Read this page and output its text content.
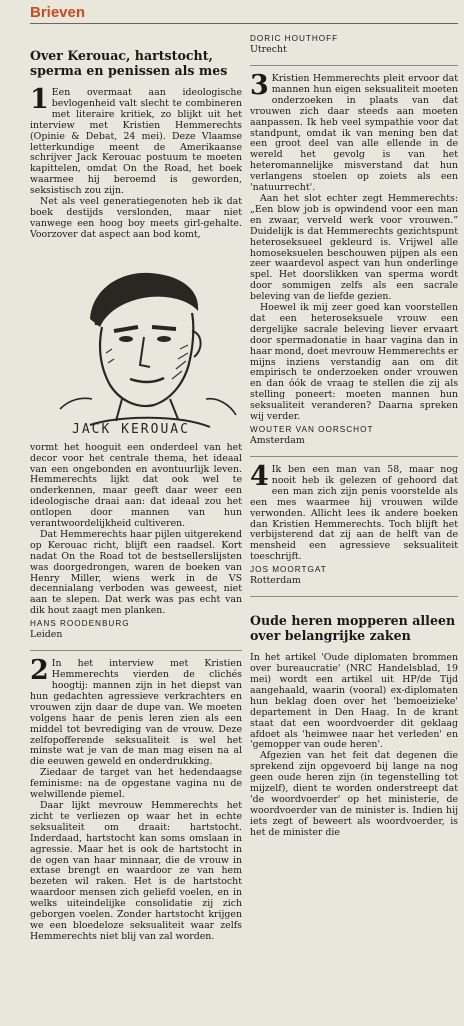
Brieven
Over Kerouac, hartstocht, sperma en penissen als mes

1 Een overmaat aan ideologische bevlogenheid valt slecht te combineren met literaire kritiek, zo blijkt uit het interview met Kristien Hemmerechts (Opinie & Debat, 24 mei). Deze Vlaamse letterkundige meent de Amerikaanse schrijver Jack Kerouac postuum te moeten kapittelen, omdat On the Road, het boek waarmee hij beroemd is geworden, seksistisch zou zijn.

Net als veel generatiegenoten heb ik dat boek destijds verslonden, maar niet vanwege een hoog boy meets girl-gehalte. Voorzover dat aspect aan bod komt,

JACK KEROUAC

vormt het hooguit een onderdeel van het decor voor het centrale thema, het ideaal van een ongebonden en avontuurlijk leven. Hemmerechts lijkt dat ook wel te onderkennen, maar geeft daar weer een ideologische draai aan: dat ideaal zou het ontlopen door mannen van hun verantwoordelijkheid cultiveren.

Dat Hemmerechts haar pijlen uitgerekend op Kerouac richt, blijft een raadsel. Kort nadat On the Road tot de bestsellerslijsten was doorgedrongen, waren de boeken van Henry Miller, wiens werk in de VS decennialang verboden was geweest, niet aan te slepen. Dat werk was pas echt van dik hout zaagt men planken.

HANS ROODENBURG
Leiden

2 In het interview met Kristien Hemmerechts vierden de clichés hoogtij: mannen zijn in het diepst van hun gedachten agressieve verkrachters en vrouwen zijn daar de dupe van. We moeten volgens haar de penis leren zien als een middel tot bevrediging van de vrouw. Deze zelfopofferende seksualiteit is wel het minste wat je van de man mag eisen na al die eeuwen geweld en onderdrukking.

Ziedaar de target van het hedendaagse feminisme: na de opgestane vagina nu de welwillende piemel.

Daar lijkt mevrouw Hemmerechts het zicht te verliezen op waar het in echte seksualiteit om draait: hartstocht. Inderdaad, hartstocht kan soms omslaan in agressie. Maar het is ook de hartstocht in de ogen van haar minnaar, die de vrouw in extase brengt en waardoor ze van hem bezeten wil raken. Het is de hartstocht waardoor mensen zich geliefd voelen, en in welks uiteindelijke consolidatie zij zich geborgen voelen. Zonder hartstocht krijgen we een bloedeloze seksualiteit waar zelfs Hemmerechts niet blij van zal worden.

DORIC HOUTHOFF
Utrecht

3 Kristien Hemmerechts pleit ervoor dat mannen hun eigen seksualiteit moeten onderzoeken in plaats van dat vrouwen zich daar steeds aan moeten aanpassen. Ik heb veel sympathie voor dat standpunt, omdat ik van mening ben dat een groot deel van alle ellende in de wereld het gevolg is van het heteromannelijke misverstand dat hun verlangens stoelen op zoiets als een 'natuurrecht'.

Aan het slot echter zegt Hemmerechts: „Een blow job is opwindend voor een man en zwaar, verveld werk voor vrouwen.” Duidelijk is dat Hemmerechts gezichtspunt heteroseksueel gekleurd is. Vrijwel alle homoseksuelen beschouwen pijpen als een zeer waardevol aspect van hun onderlinge spel. Het doorslikken van sperma wordt door sommigen zelfs als een sacrale beleving van de liefde gezien.

Hoewel ik mij zeer goed kan voorstellen dat een heteroseksuele vrouw een dergelijke sacrale beleving liever ervaart door spermadonatie in haar vagina dan in haar mond, doet mevrouw Hemmerechts er mijns inziens verstandig aan om dit empirisch te onderzoeken onder vrouwen en dan óók de vraag te stellen die zij als stelling poneert: moeten mannen hun seksualiteit veranderen? Daarna spreken wij verder.

WOUTER VAN OORSCHOT
Amsterdam

4 Ik ben een man van 58, maar nog nooit heb ik gelezen of gehoord dat een man zich zijn penis voorstelde als een mes waarmee hij vrouwen wilde verwonden. Allicht lees ik andere boeken dan Kristien Hemmerechts. Toch blijft het verbijsterend dat zij aan de helft van de mensheid een agressieve seksualiteit toeschrijft.

JOS MOORTGAT
Rotterdam
Oude heren mopperen alleen over belangrijke zaken

In het artikel 'Oude diplomaten brommen over bureaucratie' (NRC Handelsblad, 19 mei) wordt een artikel uit HP/de Tijd aangehaald, waarin (vooral) ex-diplomaten hun beklag doen over het 'bemoeizieke' departement in Den Haag. In de krant staat dat een woordvoerder dit geklaag afdoet als 'heimwee naar het verleden' en 'gemopper van oude heren'.

Afgezien van het feit dat degenen die sprekend zijn opgevoerd bij lange na nog geen oude heren zijn (in tegenstelling tot mijzelf), dient te worden onderstreept dat 'de woordvoerder' op het ministerie, de woordvoerder van de minister is. Indien hij iets zegt of beweert als woordvoerder, is het de minister die
